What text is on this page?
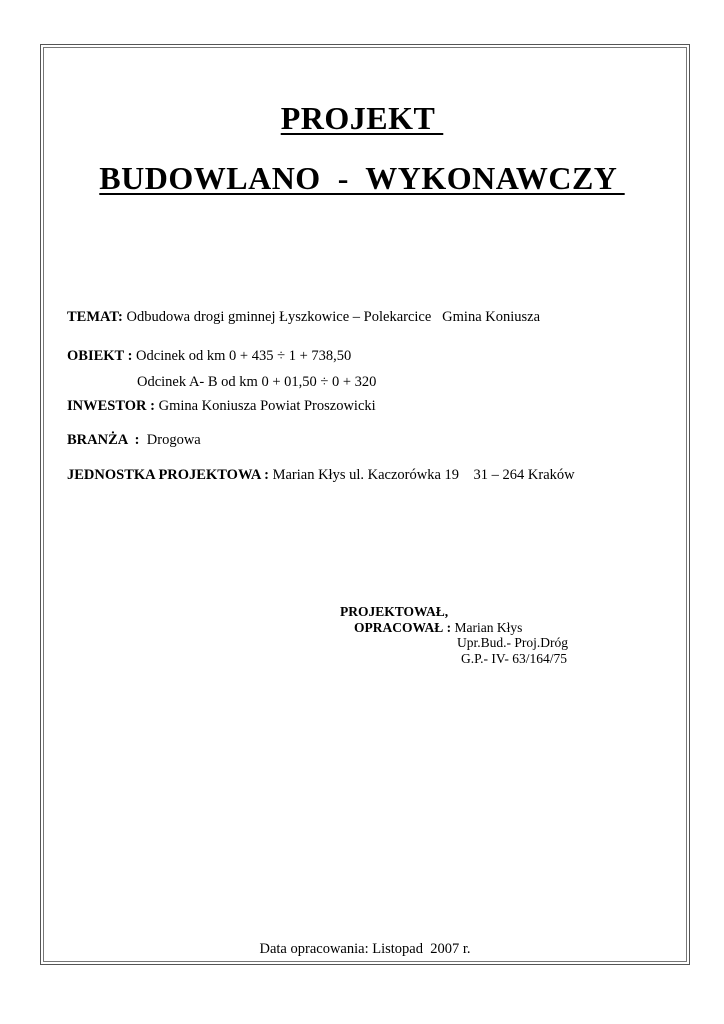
PROJEKT
BUDOWLANO  -  WYKONAWCZY
TEMAT: Odbudowa drogi gminnej Łyszkowice – Polekarcice   Gmina Koniusza
OBIEKT : Odcinek od km 0 + 435 ÷ 1 + 738,50
Odcinek A- B od km 0 + 01,50 ÷ 0 + 320
INWESTOR : Gmina Koniusza Powiat Proszowicki
BRANŻA  :  Drogowa
JEDNOSTKA PROJEKTOWA : Marian Kłys ul. Kaczorówka 19    31 – 264 Kraków
PROJEKTOWAŁ,
OPRACOWAŁ : Marian Kłys
Upr.Bud.- Proj.Dróg
G.P.- IV- 63/164/75
Data opracowania: Listopad  2007 r.
